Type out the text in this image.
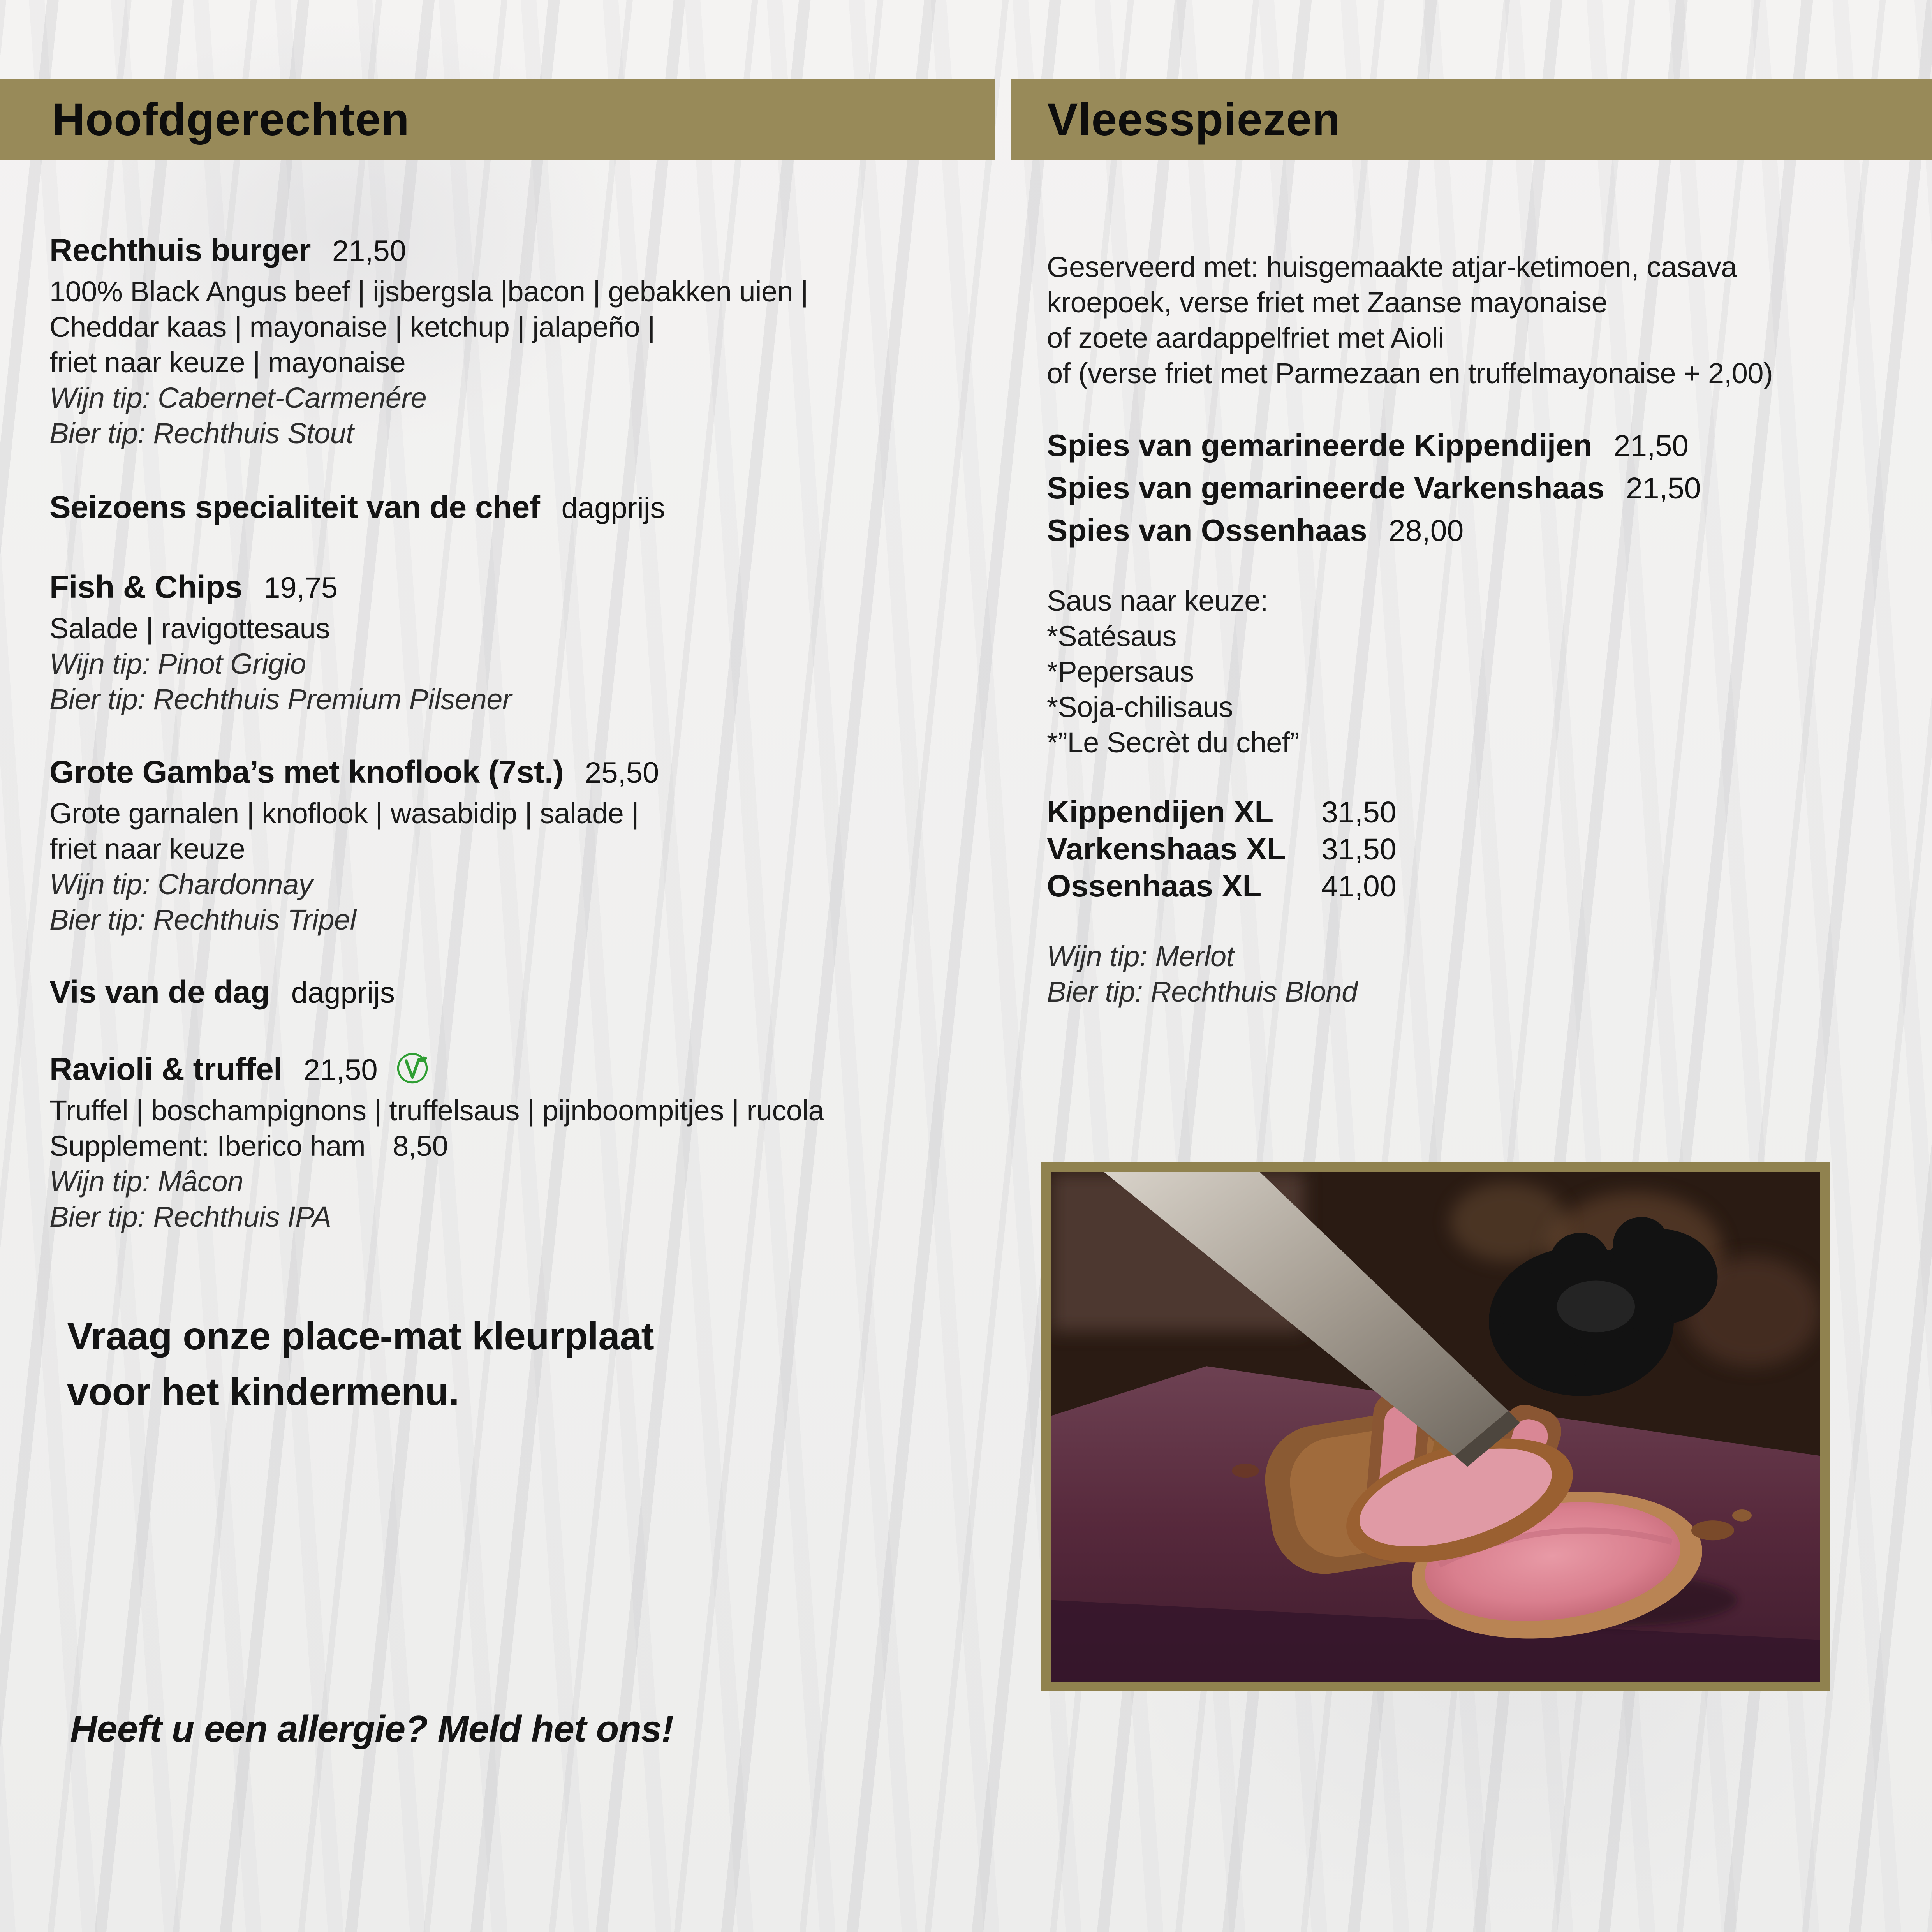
Hoofdgerechten	Vleesspiezen
Rechthuis burger 21,50
100% Black Angus beef | ijsbergsla |bacon | gebakken uien |
Cheddar kaas | mayonaise | ketchup | jalapeño |
friet naar keuze | mayonaise
Wijn tip: Cabernet-Carmenére
Bier tip: Rechthuis Stout
Seizoens specialiteit van de chef dagprijs
Fish & Chips 19,75
Salade | ravigottesaus
Wijn tip: Pinot Grigio
Bier tip: Rechthuis Premium Pilsener
Grote Gamba’s met knoflook (7st.) 25,50
Grote garnalen | knoflook | wasabidip | salade |
friet naar keuze
Wijn tip: Chardonnay
Bier tip: Rechthuis Tripel
Vis van de dag dagprijs
Ravioli & truffel 21,50
Truffel | boschampignons | truffelsaus | pijnboompitjes | rucola
Supplement: Iberico ham 8,50
Wijn tip: Mâcon
Bier tip: Rechthuis IPA
Vraag onze place-mat kleurplaat
voor het kindermenu.
Heeft u een allergie? Meld het ons!
Geserveerd met: huisgemaakte atjar-ketimoen, casava
kroepoek, verse friet met Zaanse mayonaise
of zoete aardappelfriet met Aioli
of (verse friet met Parmezaan en truffelmayonaise + 2,00)
Spies van gemarineerde Kippendijen 21,50
Spies van gemarineerde Varkenshaas 21,50
Spies van Ossenhaas 28,00
Saus naar keuze:
*Satésaus
*Pepersaus
*Soja-chilisaus
*”Le Secrèt du chef”
Kippendijen XL 31,50
Varkenshaas XL 31,50
Ossenhaas XL 41,00
Wijn tip: Merlot
Bier tip: Rechthuis Blond
